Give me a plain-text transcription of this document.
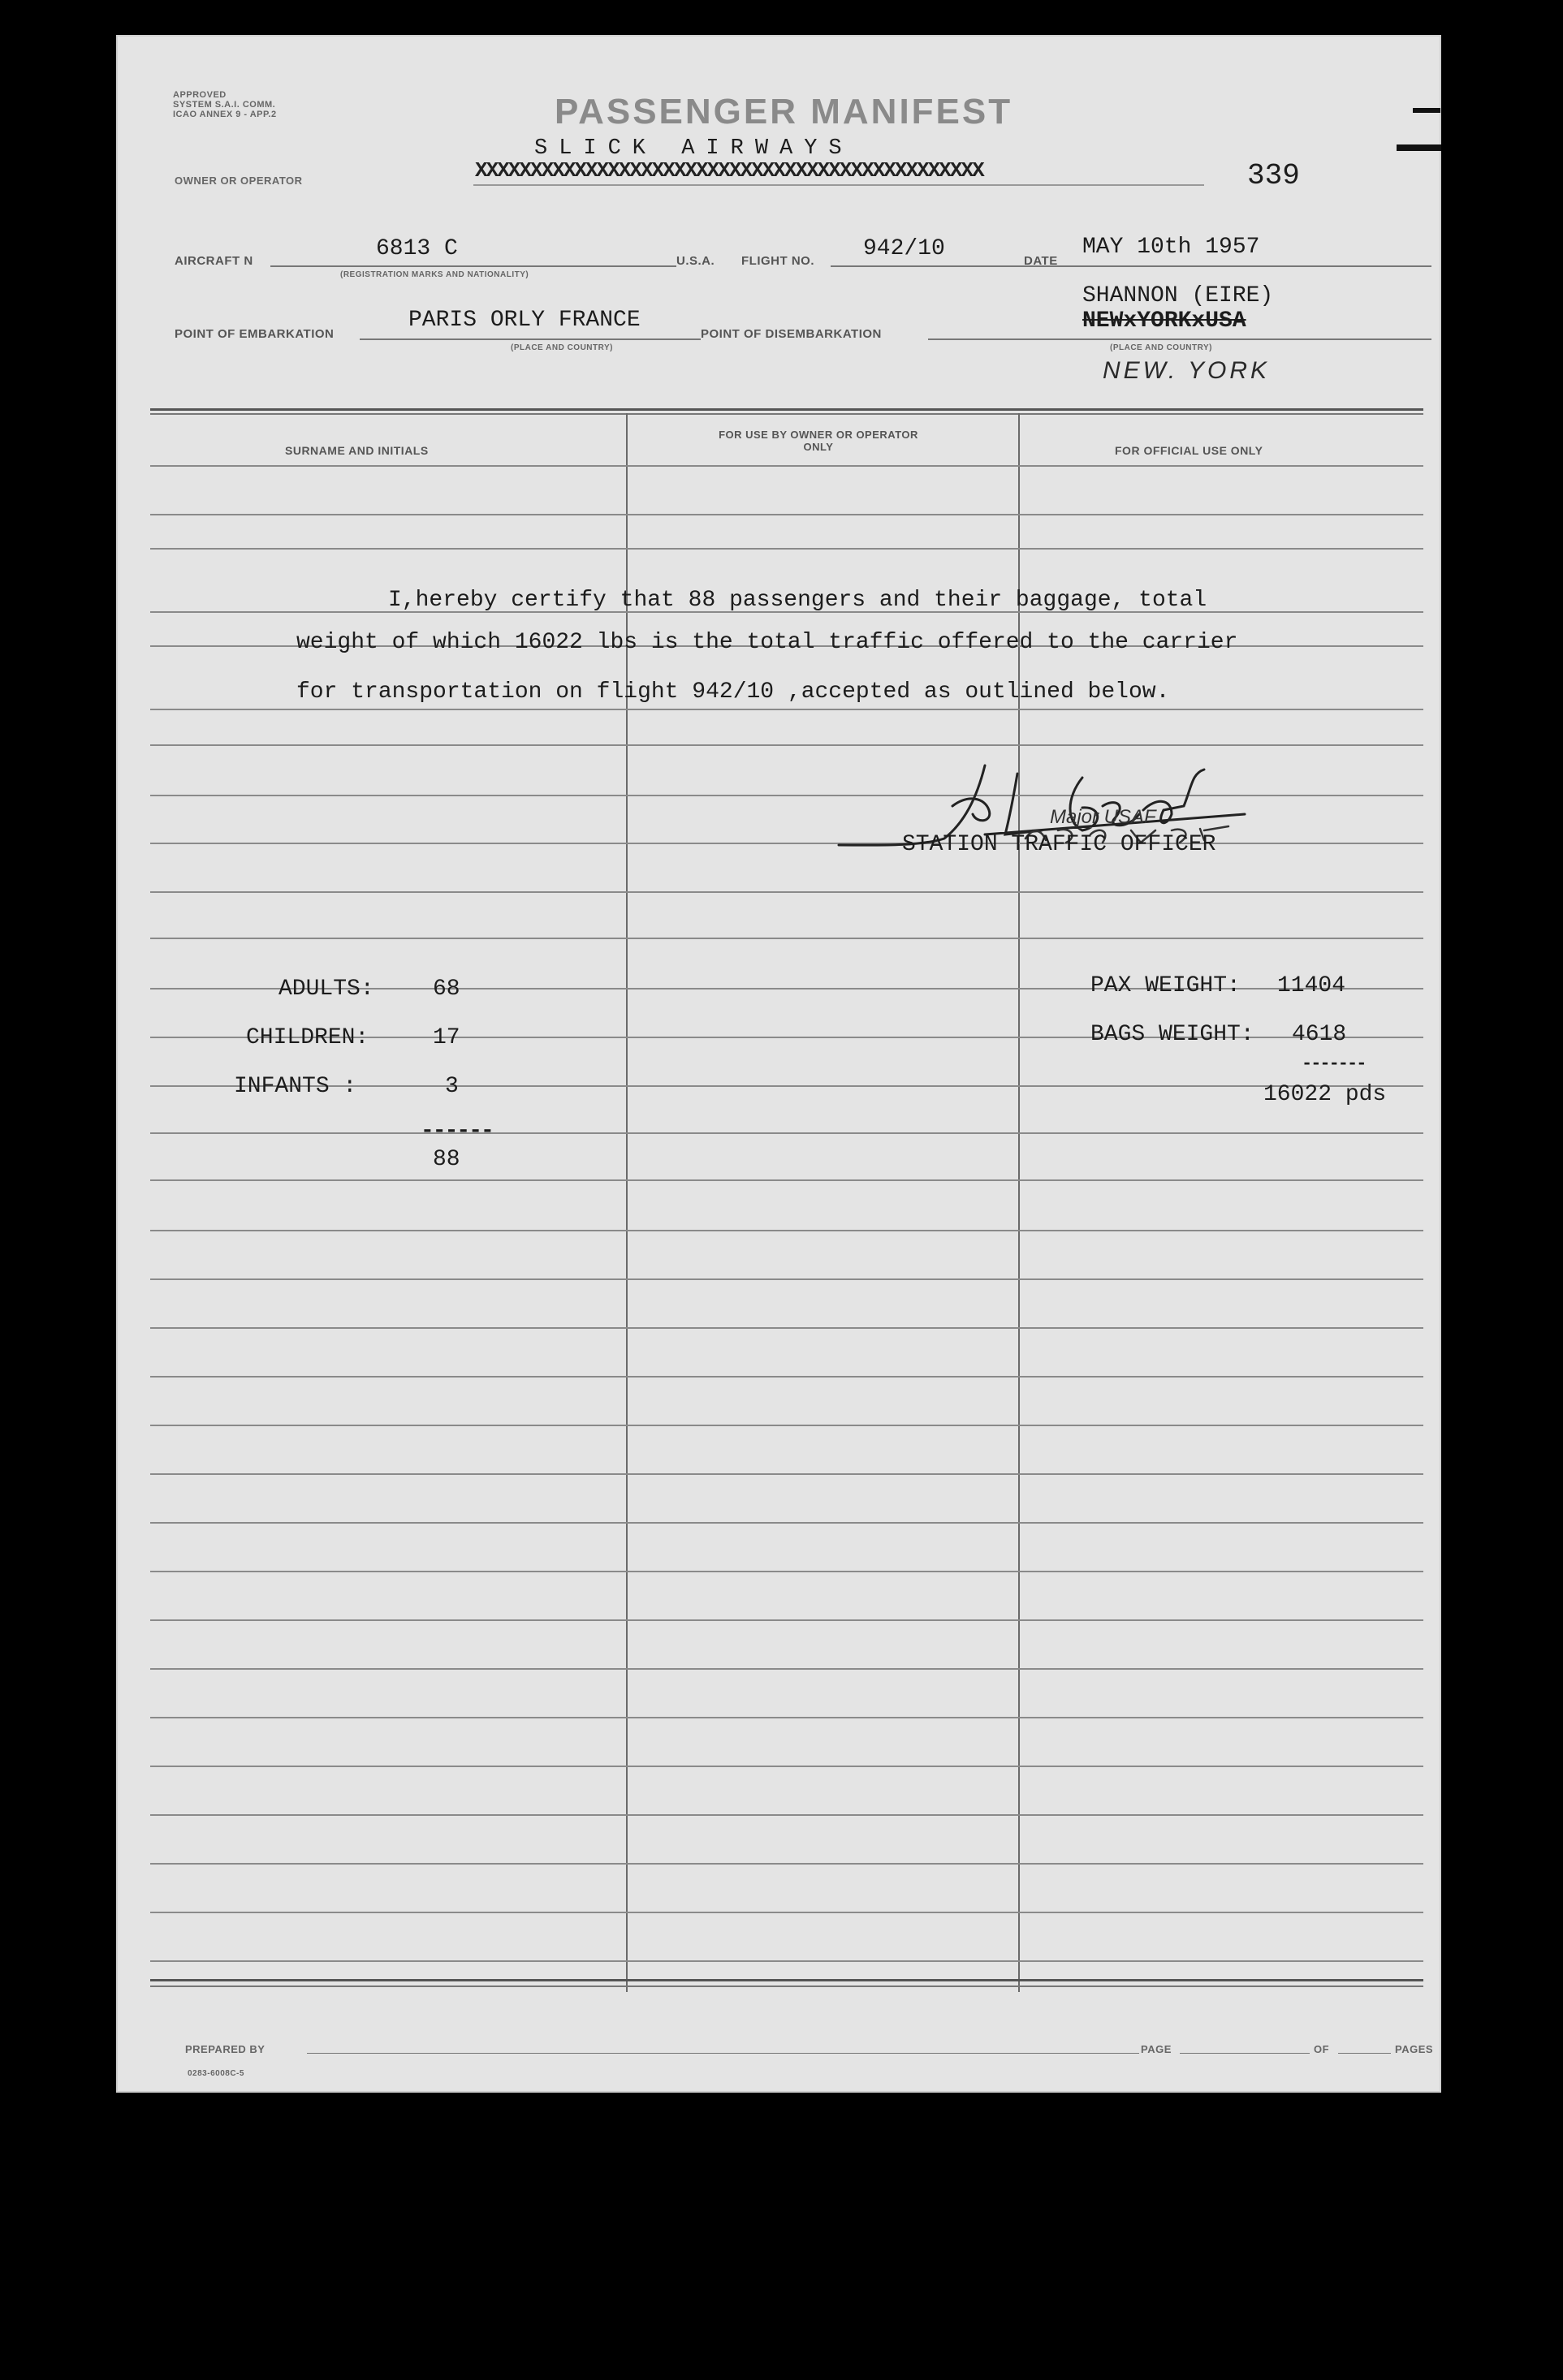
APPROVED
SYSTEM S.A.I. COMM.
ICAO ANNEX 9 - APP.2
OWNER OR OPERATOR
PASSENGER MANIFEST
SLICK AIRWAYS
XXXXXXXXXXXXXXXXXXXXXXXXXXXXXXXXXXXXXXXXXXXXXX	339
AIRCRAFT N	6813 C
(REGISTRATION MARKS AND NATIONALITY)
U.S.A. FLIGHT NO. 942/10	DATE
MAY 10th 1957
POINT OF EMBARKATION
PARIS ORLY FRANCE
(PLACE AND COUNTRY)
POINT OF DISEMBARKATION
SHANNON (EIRE)
NEWxYORKxUSA
(PLACE AND COUNTRY)
NEW. YORK
SURNAME AND INITIALS
FOR USE BY OWNER OR OPERATOR ONLY	FOR OFFICIAL USE ONLY
I,hereby certify that 88 passengers and their baggage, total
weight of which 16022 lbs is the total traffic offered to the carrier
for transportation on flight 942/10 ,accepted as outlined below.
Major USAF
STATION TRAFFIC OFFICER
ADULTS:	68
CHILDREN:	17
INFANTS :	3
------
88
PAX WEIGHT: 11404
BAGS WEIGHT: 4618
-------
16022 pds
PREPARED BY	PAGE	OF	PAGES
0283-6008C-5
